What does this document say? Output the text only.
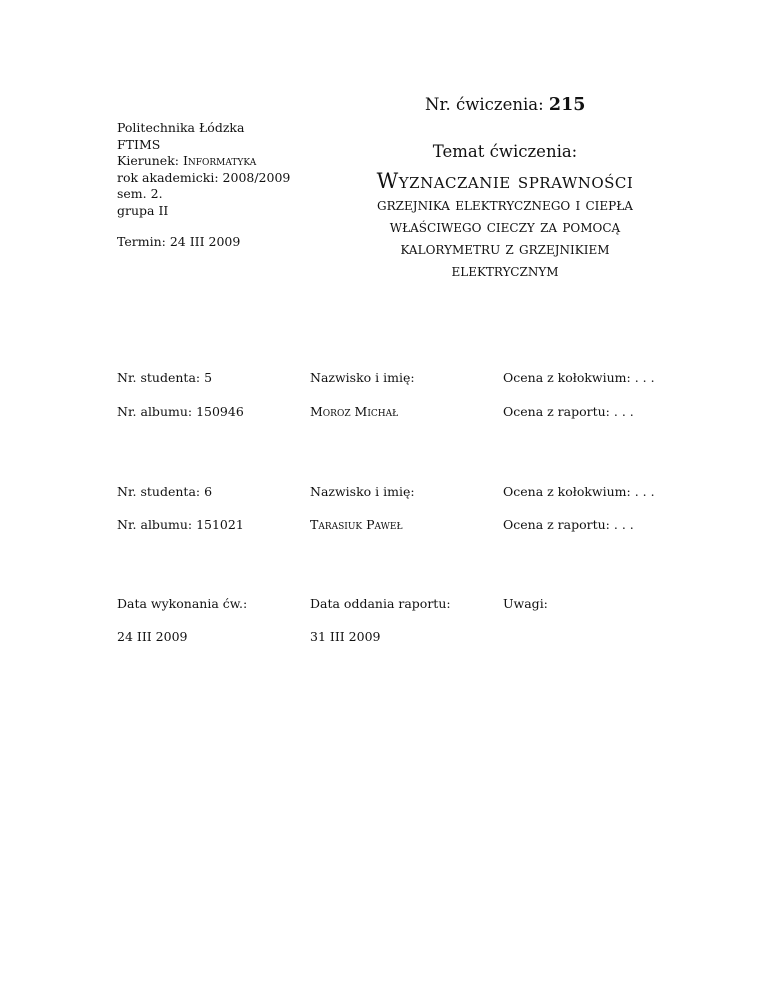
Politechnika Łódzka
FTIMS
Kierunek: Informatyka
rok akademicki: 2008/2009
sem. 2.
grupa II
Termin: 24 III 2009
Nr. ćwiczenia: 215
Temat ćwiczenia:
Wyznaczanie sprawności
grzejnika elektrycznego i ciepła
właściwego cieczy za pomocą
kalorymetru z grzejnikiem
elektrycznym
Nr. studenta: 5	Nazwisko i imię:	Ocena z kołokwium: . . .
Nr. albumu: 150946	Moroz Michał	Ocena z raportu: . . .
Nr. studenta: 6	Nazwisko i imię:	Ocena z kołokwium: . . .
Nr. albumu: 151021	Tarasiuk Paweł	Ocena z raportu: . . .
Data wykonania ćw.:	Data oddania raportu:	Uwagi:
24 III 2009	31 III 2009
